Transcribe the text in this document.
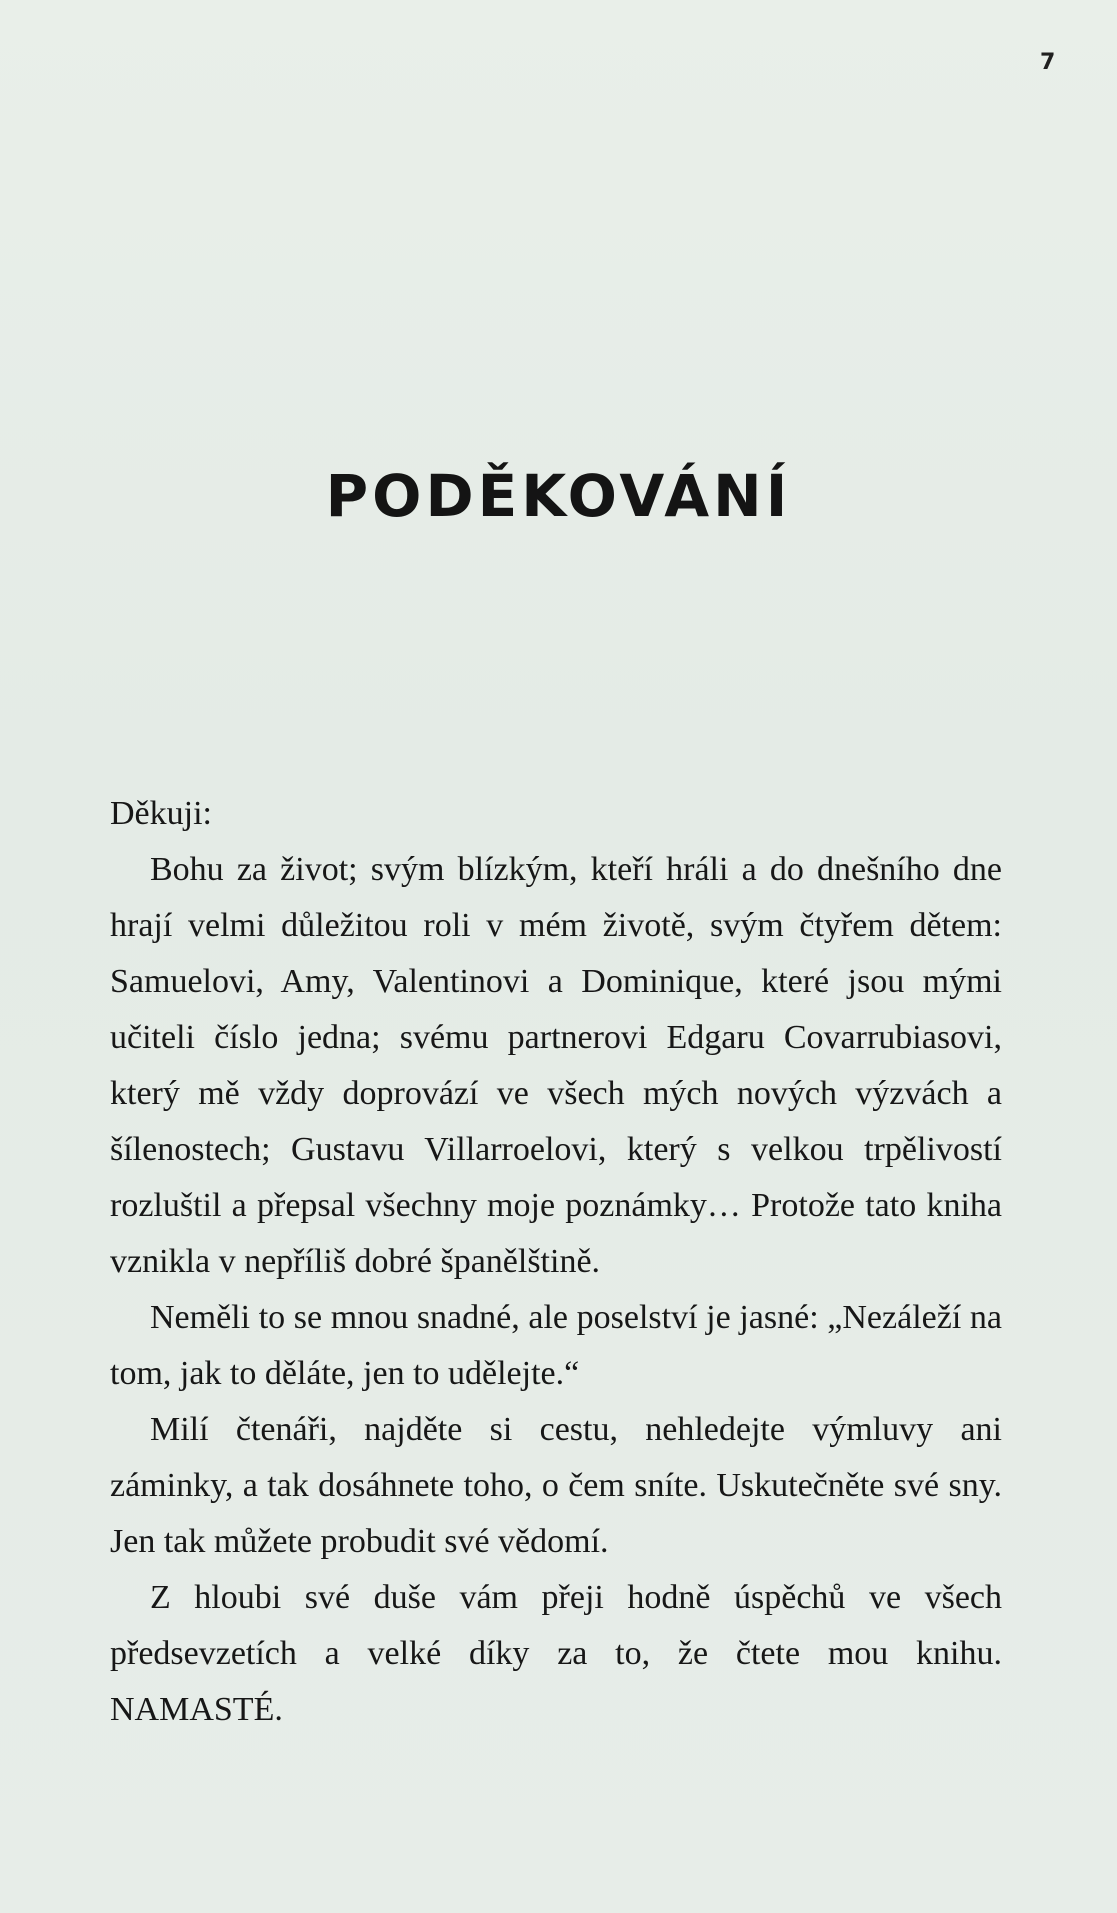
7
PODĚKOVÁNÍ

Děkuji:

Bohu za život; svým blízkým, kteří hráli a do dnešního dne hrají velmi důležitou roli v mém životě, svým čtyřem dětem: Samuelovi, Amy, Valentinovi a Dominique, které jsou mými učiteli číslo jedna; svému partnerovi Edgaru Covarrubiasovi, který mě vždy doprovází ve všech mých nových výzvách a šílenostech; Gustavu Villarroelovi, který s velkou trpělivostí rozluštil a přepsal všechny moje poznámky… Protože tato kniha vznikla v nepříliš dobré španělštině.

Neměli to se mnou snadné, ale poselství je jasné: „Nezáleží na tom, jak to děláte, jen to udělejte.“

Milí čtenáři, najděte si cestu, nehledejte výmluvy ani záminky, a tak dosáhnete toho, o čem sníte. Uskutečněte své sny. Jen tak můžete probudit své vědomí.

Z hloubi své duše vám přeji hodně úspěchů ve všech předsevzetích a velké díky za to, že čtete mou knihu. NAMASTÉ.
